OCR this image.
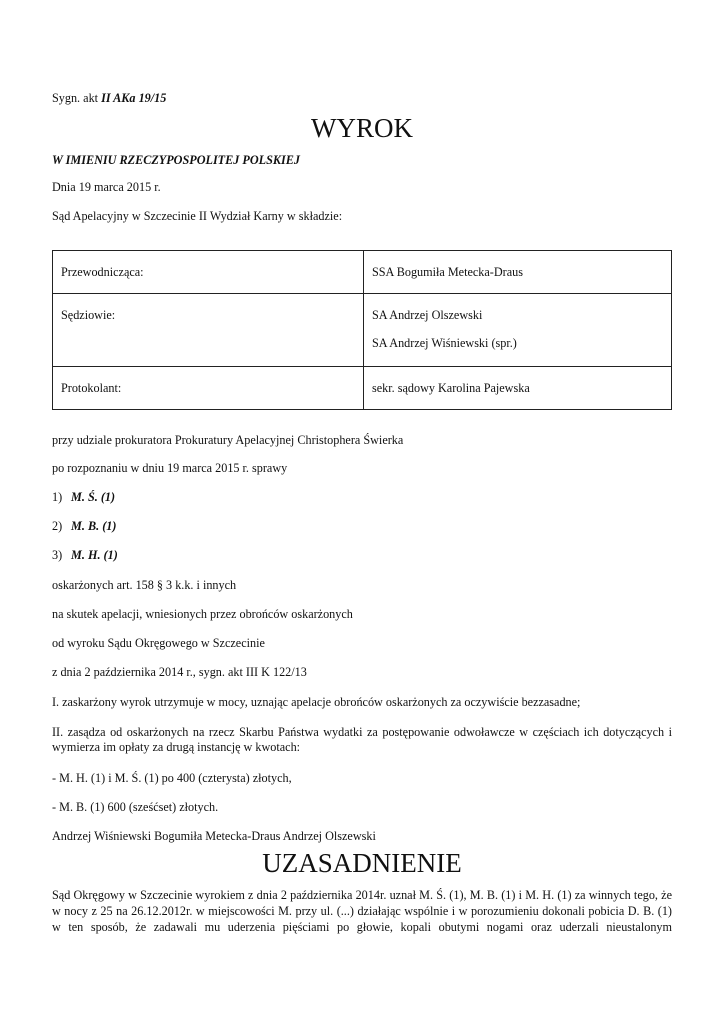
Sygn. akt II AKa 19/15
WYROK
W IMIENIU RZECZYPOSPOLITEJ POLSKIEJ
Dnia 19 marca 2015 r.
Sąd Apelacyjny w Szczecinie II Wydział Karny w składzie:
Przewodnicząca:	SSA Bogumiła Metecka-Draus
Sędziowie:	SA Andrzej Olszewski
SA Andrzej Wiśniewski (spr.)

Protokolant:	sekr. sądowy Karolina Pajewska
przy udziale prokuratora Prokuratury Apelacyjnej Christophera Świerka
po rozpoznaniu w dniu 19 marca 2015 r. sprawy
1) M. Ś. (1)
2) M. B. (1)
3) M. H. (1)
oskarżonych art. 158 § 3 k.k. i innych
na skutek apelacji, wniesionych przez obrońców oskarżonych
od wyroku Sądu Okręgowego w Szczecinie
z dnia 2 października 2014 r., sygn. akt III K 122/13
I. zaskarżony wyrok utrzymuje w mocy, uznając apelacje obrońców oskarżonych za oczywiście bezzasadne;
II. zasądza od oskarżonych na rzecz Skarbu Państwa wydatki za postępowanie odwoławcze w częściach ich dotyczących i wymierza im opłaty za drugą instancję w kwotach:
- M. H. (1) i M. Ś. (1) po 400 (czterysta) złotych,
- M. B. (1) 600 (sześćset) złotych.
Andrzej Wiśniewski Bogumiła Metecka-Draus Andrzej Olszewski
UZASADNIENIE
Sąd Okręgowy w Szczecinie wyrokiem z dnia 2 października 2014r. uznał M. Ś. (1), M. B. (1) i M. H. (1) za winnych tego, że w nocy z 25 na 26.12.2012r. w miejscowości M. przy ul. (...) działając wspólnie i w porozumieniu dokonali pobicia D. B. (1) w ten sposób, że zadawali mu uderzenia pięściami po głowie, kopali obutymi nogami oraz uderzali nieustalonym
